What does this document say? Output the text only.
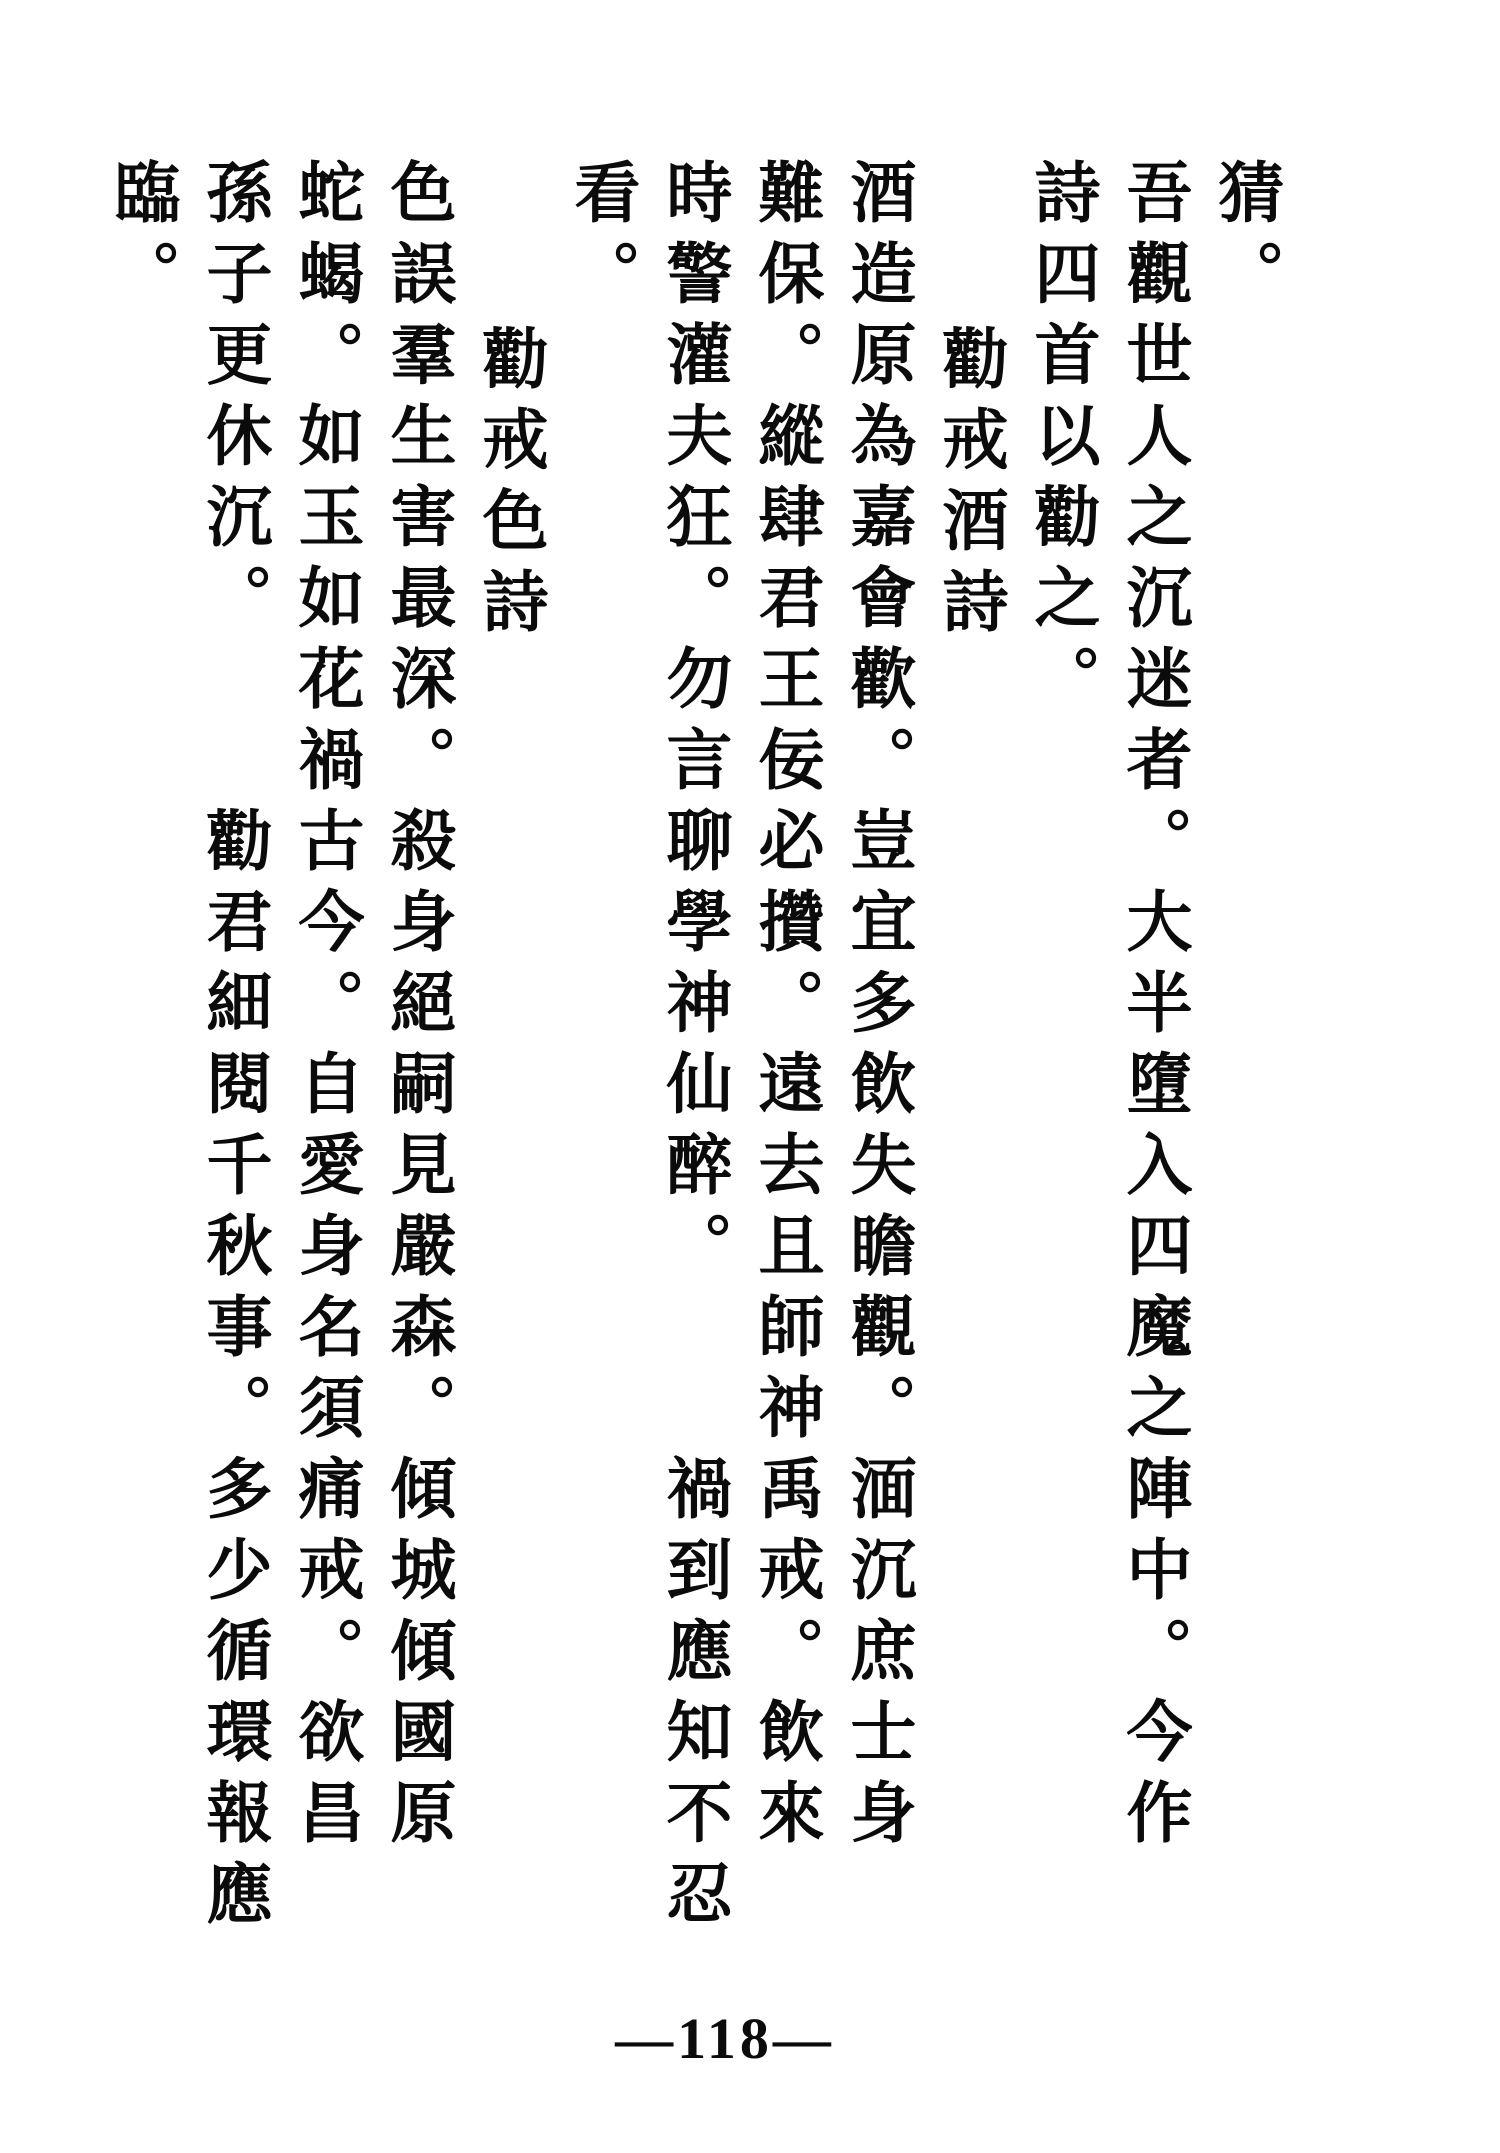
猜。
吾觀世人之沉迷者。大半墮入四魔之陣中。今作
詩四首以勸之。
勸戒酒詩
酒造原為嘉會歡。豈宜多飲失瞻觀。湎沉庶士身
難保。縱肆君王佞必攢。遠去且師神禹戒。飲來
時警灌夫狂。勿言聊學神仙醉。禍到應知不忍
看。
勸戒色詩
色誤羣生害最深。殺身絕嗣見嚴森。傾城傾國原
蛇蝎。如玉如花禍古今。自愛身名須痛戒。欲昌
孫子更休沉。勸君細閱千秋事。多少循環報應
臨。
—118—
